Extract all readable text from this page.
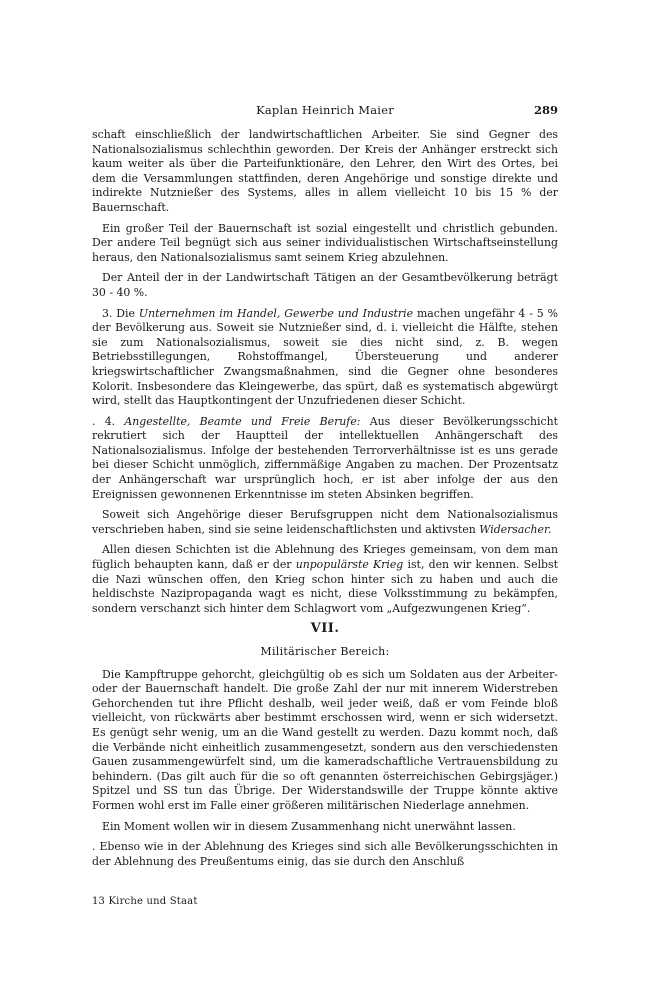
Kaplan Heinrich Maier	289

schaft einschließlich der landwirtschaftlichen Arbeiter. Sie sind Gegner des Nationalsozialismus schlechthin geworden. Der Kreis der Anhänger erstreckt sich kaum weiter als über die Parteifunktionäre, den Lehrer, den Wirt des Ortes, bei dem die Versammlungen stattfinden, deren Angehörige und sonstige direkte und indirekte Nutznießer des Systems, alles in allem vielleicht 10 bis 15 % der Bauernschaft.

Ein großer Teil der Bauernschaft ist sozial eingestellt und christlich gebunden. Der andere Teil begnügt sich aus seiner individualistischen Wirtschaftseinstellung heraus, den Nationalsozialismus samt seinem Krieg abzulehnen.

Der Anteil der in der Landwirtschaft Tätigen an der Gesamtbevölkerung beträgt 30 - 40 %.

3. Die Unternehmen im Handel, Gewerbe und Industrie machen ungefähr 4 - 5 % der Bevölkerung aus. Soweit sie Nutznießer sind, d. i. vielleicht die Hälfte, stehen sie zum Nationalsozialismus, soweit sie dies nicht sind, z. B. wegen Betriebsstillegungen, Rohstoffmangel, Übersteuerung und anderer kriegswirtschaftlicher Zwangsmaßnahmen, sind die Gegner ohne besonderes Kolorit. Insbesondere das Kleingewerbe, das spürt, daß es systematisch abgewürgt wird, stellt das Hauptkontingent der Unzufriedenen dieser Schicht.

. 4. Angestellte, Beamte und Freie Berufe: Aus dieser Bevölkerungsschicht rekrutiert sich der Hauptteil der intellektuellen Anhängerschaft des Nationalsozialismus. Infolge der bestehenden Terrorverhältnisse ist es uns gerade bei dieser Schicht unmöglich, ziffernmäßige Angaben zu machen. Der Prozentsatz der Anhängerschaft war ursprünglich hoch, er ist aber infolge der aus den Ereignissen gewonnenen Erkenntnisse im steten Absinken begriffen.

Soweit sich Angehörige dieser Berufsgruppen nicht dem Nationalsozialismus verschrieben haben, sind sie seine leidenschaftlichsten und aktivsten Widersacher.

Allen diesen Schichten ist die Ablehnung des Krieges gemeinsam, von dem man füglich behaupten kann, daß er der unpopulärste Krieg ist, den wir kennen. Selbst die Nazi wünschen offen, den Krieg schon hinter sich zu haben und auch die heldischste Nazipropaganda wagt es nicht, diese Volksstimmung zu bekämpfen, sondern verschanzt sich hinter dem Schlagwort vom „Aufgezwungenen Krieg“.

VII.
Militärischer Bereich:

Die Kampftruppe gehorcht, gleichgültig ob es sich um Soldaten aus der Arbeiter- oder der Bauernschaft handelt. Die große Zahl der nur mit innerem Widerstreben Gehorchenden tut ihre Pflicht deshalb, weil jeder weiß, daß er vom Feinde bloß vielleicht, von rückwärts aber bestimmt erschossen wird, wenn er sich widersetzt. Es genügt sehr wenig, um an die Wand gestellt zu werden. Dazu kommt noch, daß die Verbände nicht einheitlich zusammengesetzt, sondern aus den verschiedensten Gauen zusammengewürfelt sind, um die kameradschaftliche Vertrauensbildung zu behindern. (Das gilt auch für die so oft genannten österreichischen Gebirgsjäger.) Spitzel und SS tun das Übrige. Der Widerstandswille der Truppe könnte aktive Formen wohl erst im Falle einer größeren militärischen Niederlage annehmen.

Ein Moment wollen wir in diesem Zusammenhang nicht unerwähnt lassen.

. Ebenso wie in der Ablehnung des Krieges sind sich alle Bevölkerungsschichten in der Ablehnung des Preußentums einig, das sie durch den Anschluß

13 Kirche und Staat
